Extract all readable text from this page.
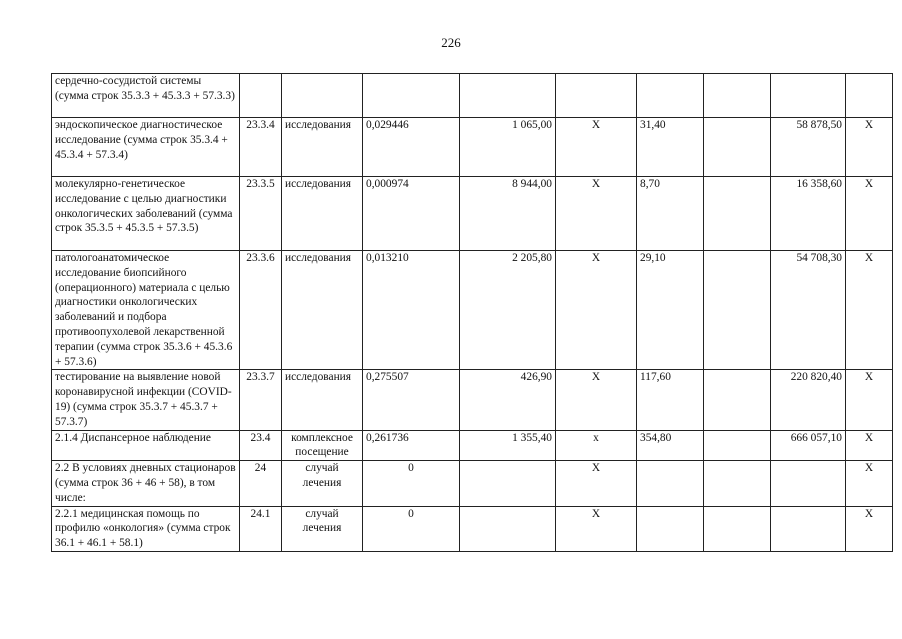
226
сердечно-сосудистой системы (сумма строк 35.3.3 + 45.3.3 + 57.3.3)									
эндоскопическое диагностическое исследование (сумма строк 35.3.4 + 45.3.4 + 57.3.4)	23.3.4	исследования	0,029446	1 065,00	Х	31,40		58 878,50	Х
молекулярно-генетическое исследование с целью диагностики онкологических заболеваний (сумма строк 35.3.5 + 45.3.5 + 57.3.5)	23.3.5	исследования	0,000974	8 944,00	Х	8,70		16 358,60	Х
патологоанатомическое исследование биопсийного (операционного) материала с целью диагностики онкологических заболеваний и подбора противоопухолевой лекарственной терапии (сумма строк 35.3.6 + 45.3.6 + 57.3.6)	23.3.6	исследования	0,013210	2 205,80	Х	29,10		54 708,30	Х
тестирование на выявление новой коронавирусной инфекции (COVID-19) (сумма строк 35.3.7 + 45.3.7 + 57.3.7)	23.3.7	исследования	0,275507	426,90	Х	117,60		220 820,40	Х
2.1.4 Диспансерное наблюдение	23.4	комплексное посещение	0,261736	1 355,40	х	354,80		666 057,10	Х
2.2 В условиях дневных стационаров (сумма строк 36 + 46 + 58), в том числе:	24	случай лечения	0		Х				Х
2.2.1 медицинская помощь по профилю «онкология» (сумма строк 36.1 + 46.1 + 58.1)	24.1	случай лечения	0		Х				Х
